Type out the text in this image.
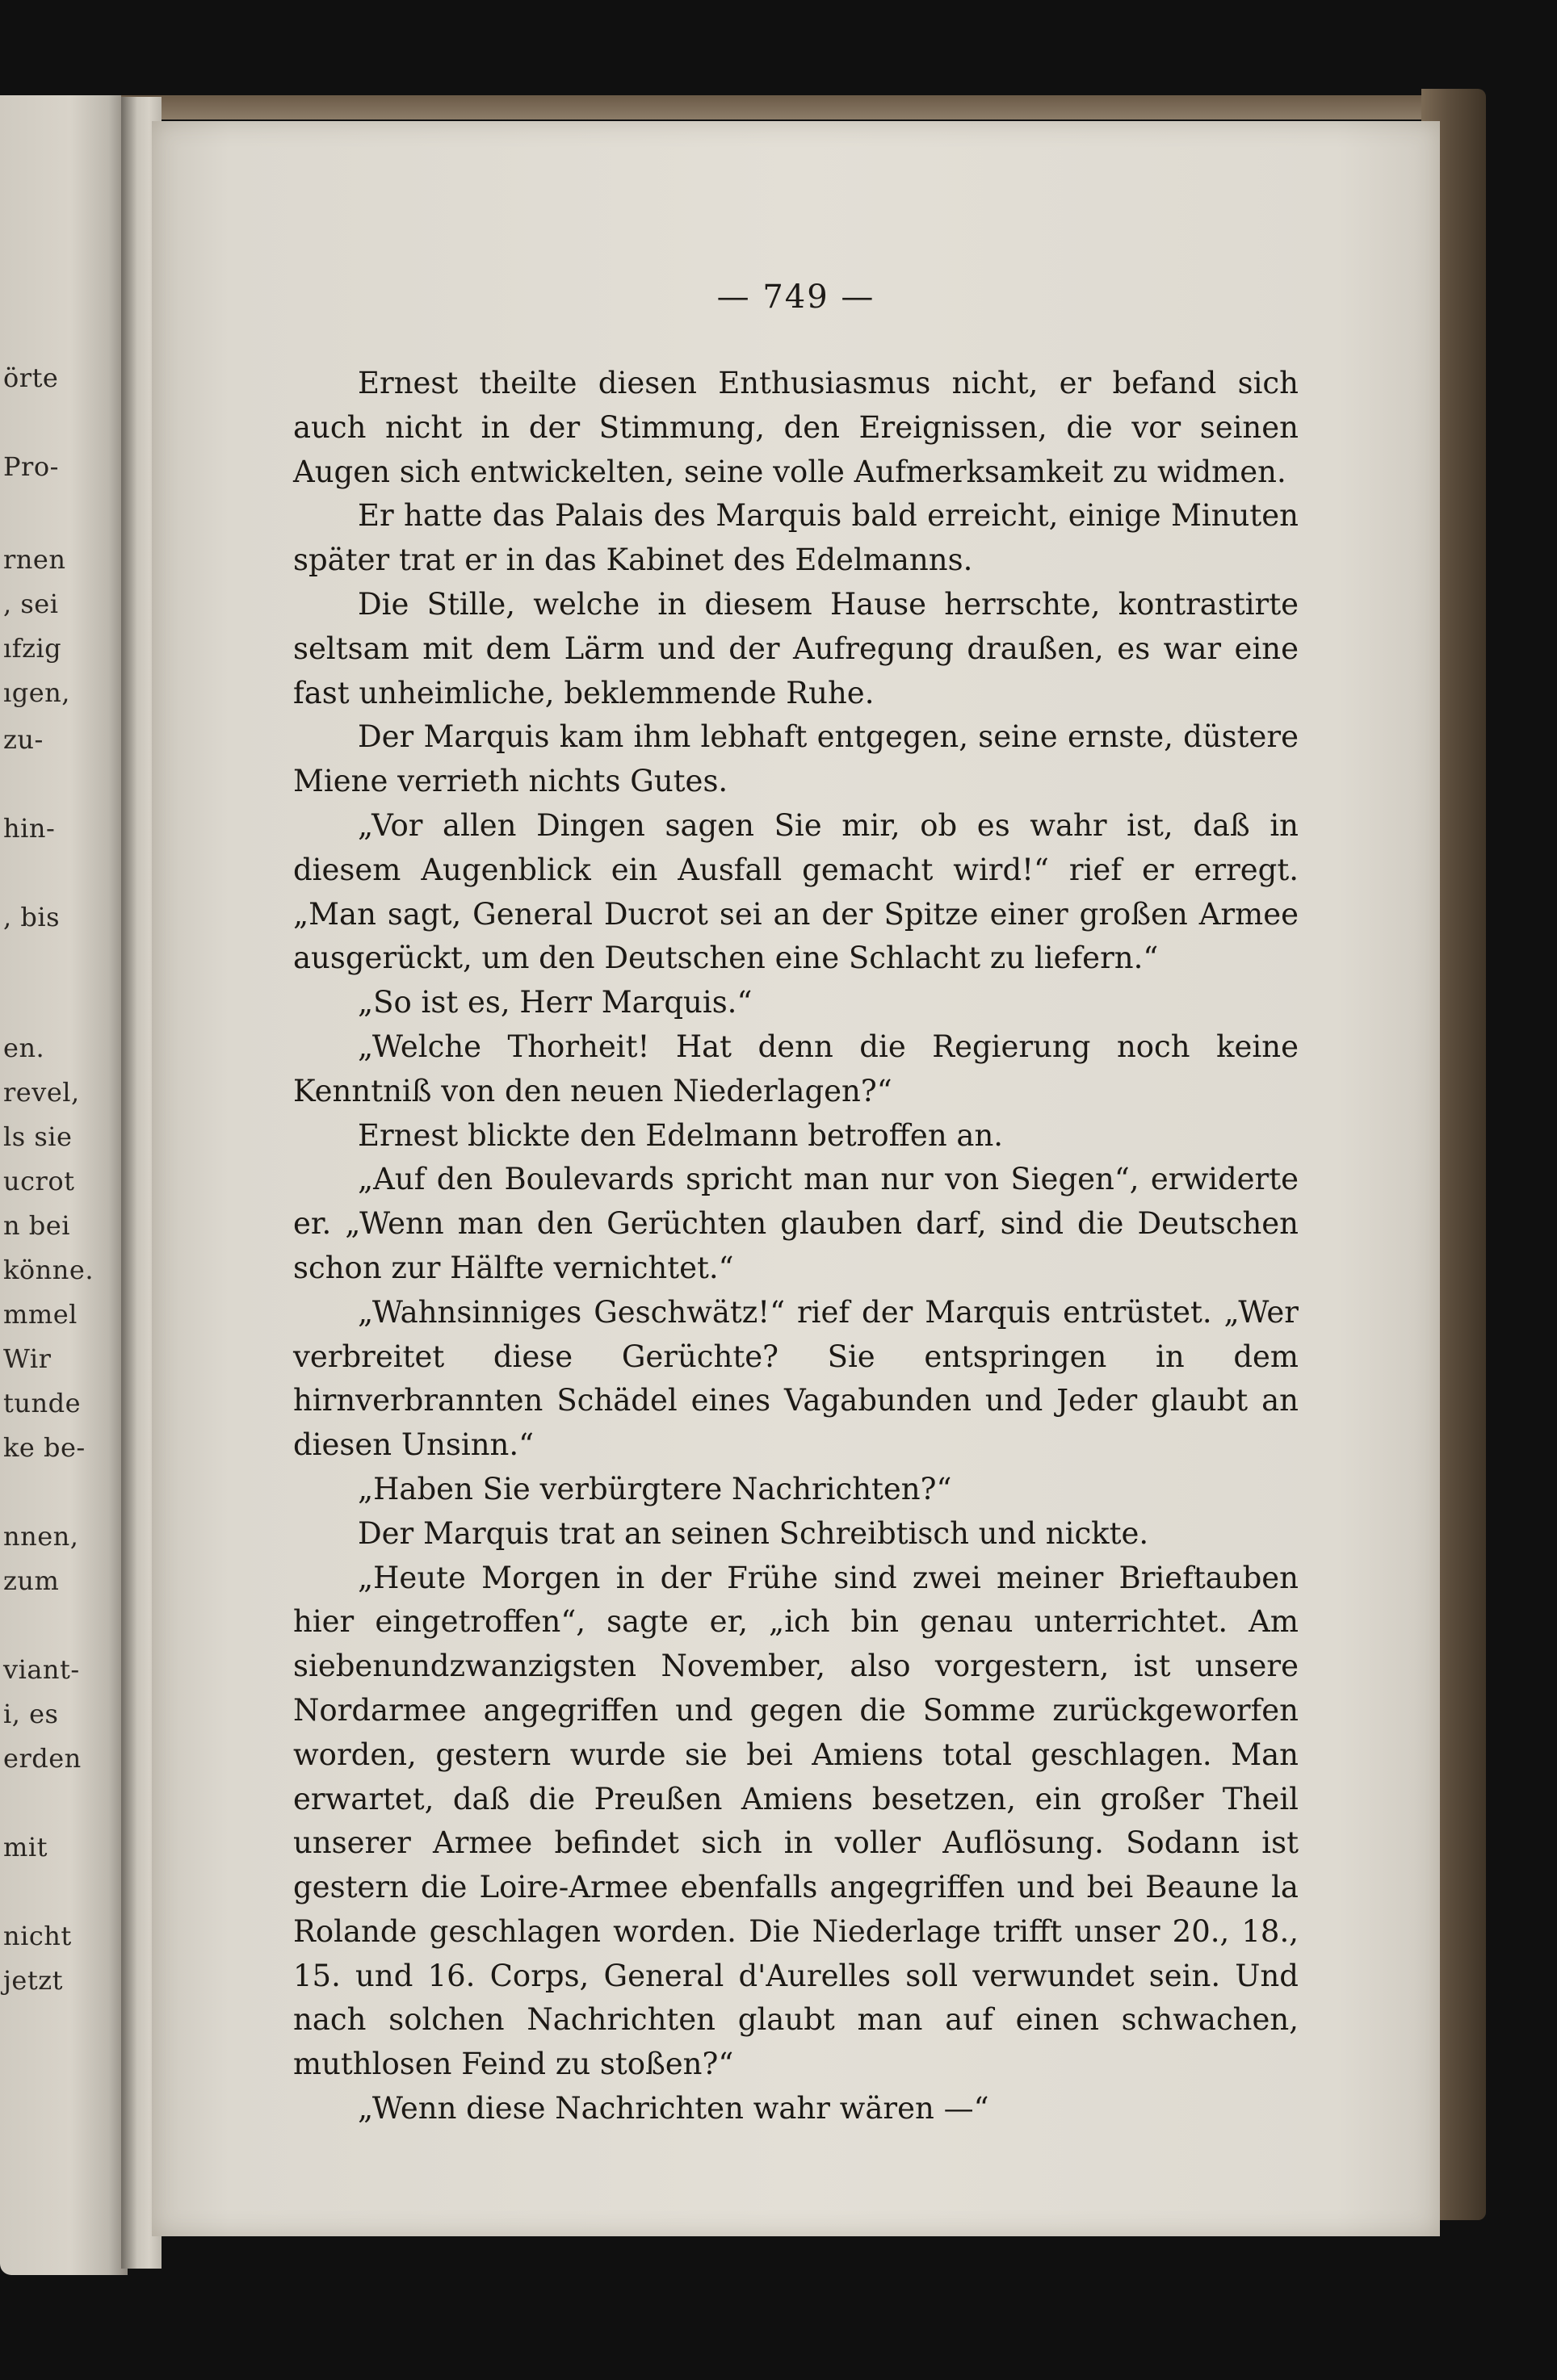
örte
Pro-
rnen
, sei
ıfzig
ıgen,
zu-
hin-
, bis
en.
revel,
ls sie
ucrot
n bei
könne.
mmel
Wir
tunde
ke be-
nnen,
zum
viant-
i, es
erden
mit
nicht
jetzt
— 749 —

Ernest theilte diesen Enthusiasmus nicht, er befand sich auch nicht in der Stimmung, den Ereignissen, die vor seinen Augen sich entwickelten, seine volle Aufmerksamkeit zu widmen.

Er hatte das Palais des Marquis bald erreicht, einige Minuten später trat er in das Kabinet des Edelmanns.

Die Stille, welche in diesem Hause herrschte, kontrastirte seltsam mit dem Lärm und der Aufregung draußen, es war eine fast unheimliche, beklemmende Ruhe.

Der Marquis kam ihm lebhaft entgegen, seine ernste, düstere Miene verrieth nichts Gutes.

„Vor allen Dingen sagen Sie mir, ob es wahr ist, daß in diesem Augenblick ein Ausfall gemacht wird!“ rief er erregt. „Man sagt, General Ducrot sei an der Spitze einer großen Armee ausgerückt, um den Deutschen eine Schlacht zu liefern.“

„So ist es, Herr Marquis.“

„Welche Thorheit! Hat denn die Regierung noch keine Kenntniß von den neuen Niederlagen?“

Ernest blickte den Edelmann betroffen an.

„Auf den Boulevards spricht man nur von Siegen“, erwiderte er. „Wenn man den Gerüchten glauben darf, sind die Deutschen schon zur Hälfte vernichtet.“

„Wahnsinniges Geschwätz!“ rief der Marquis entrüstet. „Wer verbreitet diese Gerüchte? Sie entspringen in dem hirnverbrannten Schädel eines Vagabunden und Jeder glaubt an diesen Unsinn.“

„Haben Sie verbürgtere Nachrichten?“

Der Marquis trat an seinen Schreibtisch und nickte.

„Heute Morgen in der Frühe sind zwei meiner Brieftauben hier eingetroffen“, sagte er, „ich bin genau unterrichtet. Am siebenundzwanzigsten November, also vorgestern, ist unsere Nordarmee angegriffen und gegen die Somme zurückgeworfen worden, gestern wurde sie bei Amiens total geschlagen. Man erwartet, daß die Preußen Amiens besetzen, ein großer Theil unserer Armee befindet sich in voller Auflösung. Sodann ist gestern die Loire-Armee ebenfalls angegriffen und bei Beaune la Rolande geschlagen worden. Die Niederlage trifft unser 20., 18., 15. und 16. Corps, General d'Aurelles soll verwundet sein. Und nach solchen Nachrichten glaubt man auf einen schwachen, muthlosen Feind zu stoßen?“

„Wenn diese Nachrichten wahr wären —“
